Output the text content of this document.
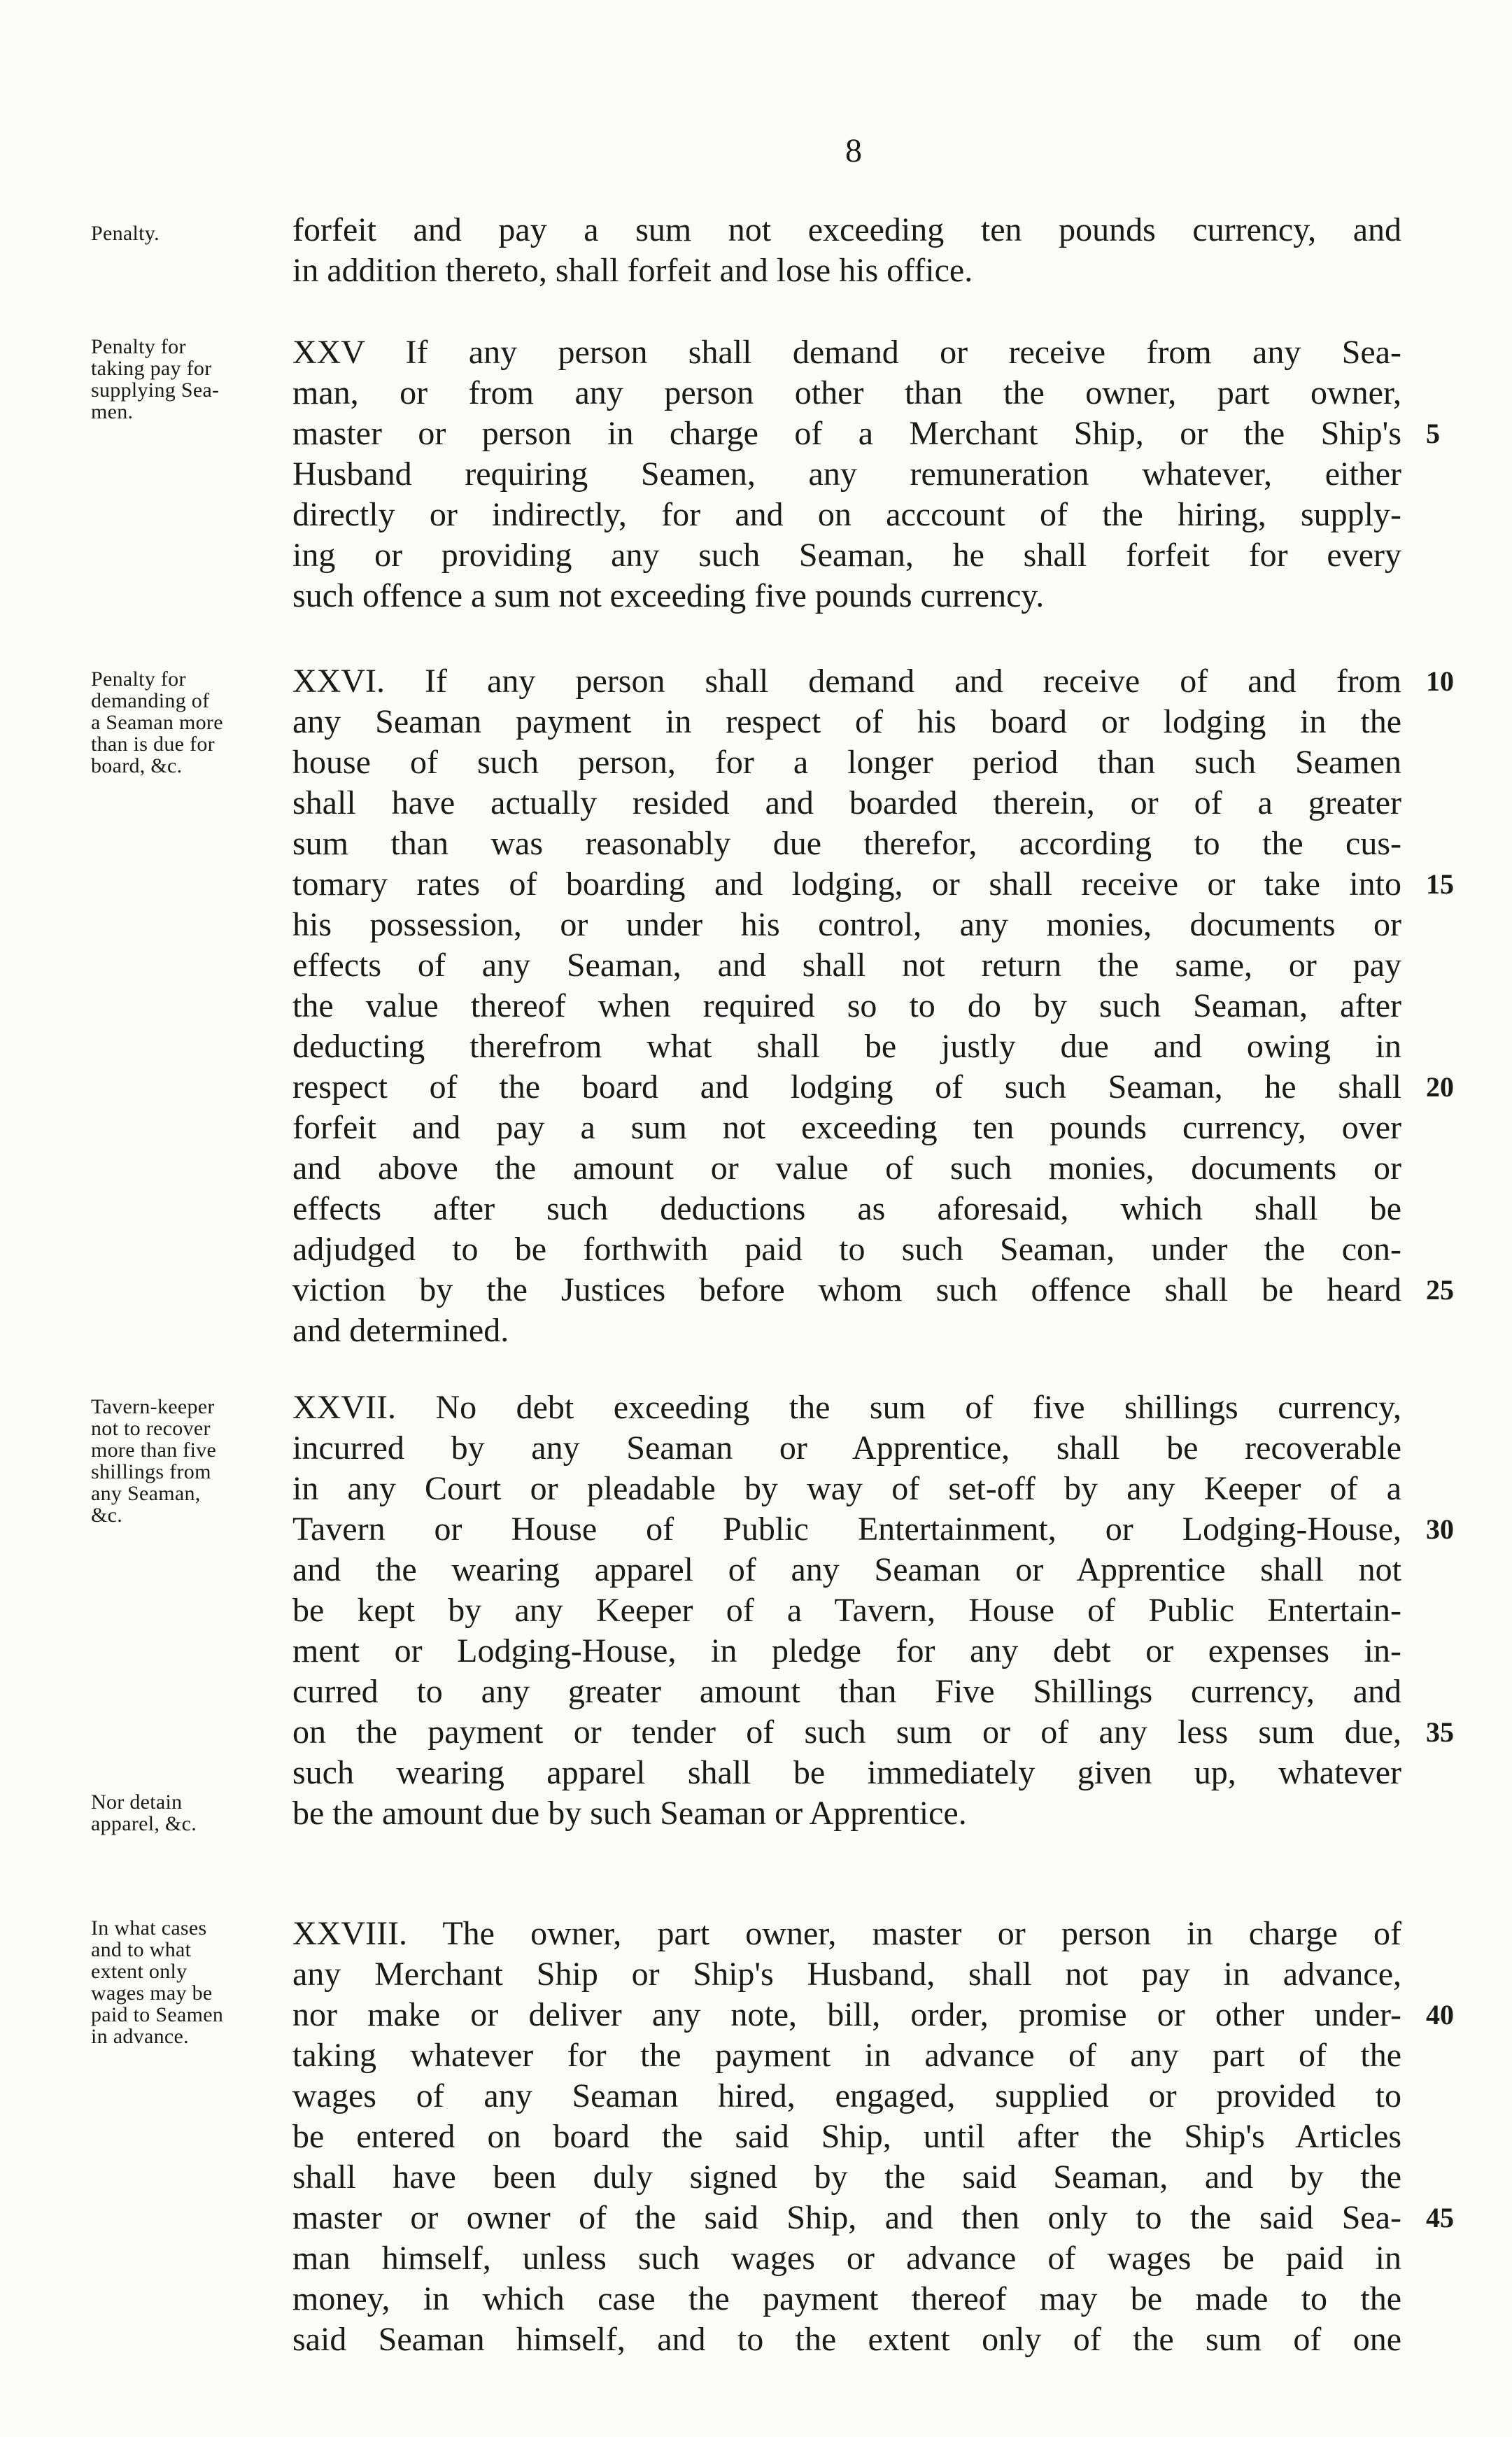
8
Penalty.	forfeit and pay a sum not exceeding ten pounds currency, and
in addition thereto, shall forfeit and lose his office.
Penalty for
taking pay for
supplying Sea-
men.
XXV If any person shall demand or receive from any Sea-
man, or from any person other than the owner, part owner,
master or person in charge of a Merchant Ship, or the Ship's
Husband requiring Seamen, any remuneration whatever, either
directly or indirectly, for and on acccount of the hiring, supply-
ing or providing any such Seaman, he shall forfeit for every
such offence a sum not exceeding five pounds currency.
Penalty for
demanding of
a Seaman more
than is due for
board, &c.
XXVI. If any person shall demand and receive of and from
any Seaman payment in respect of his board or lodging in the
house of such person, for a longer period than such Seamen
shall have actually resided and boarded therein, or of a greater
sum than was reasonably due therefor, according to the cus-
tomary rates of boarding and lodging, or shall receive or take into
his possession, or under his control, any monies, documents or
effects of any Seaman, and shall not return the same, or pay
the value thereof when required so to do by such Seaman, after
deducting therefrom what shall be justly due and owing in
respect of the board and lodging of such Seaman, he shall
forfeit and pay a sum not exceeding ten pounds currency, over
and above the amount or value of such monies, documents or
effects after such deductions as aforesaid, which shall be
adjudged to be forthwith paid to such Seaman, under the con-
viction by the Justices before whom such offence shall be heard
and determined.
Tavern-keeper
not to recover
more than five
shillings from
any Seaman,
&c.
XXVII. No debt exceeding the sum of five shillings currency,
incurred by any Seaman or Apprentice, shall be recoverable
in any Court or pleadable by way of set-off by any Keeper of a
Tavern or House of Public Entertainment, or Lodging-House,
and the wearing apparel of any Seaman or Apprentice shall not
be kept by any Keeper of a Tavern, House of Public Entertain-
ment or Lodging-House, in pledge for any debt or expenses in-
curred to any greater amount than Five Shillings currency, and
on the payment or tender of such sum or of any less sum due,
such wearing apparel shall be immediately given up, whatever
be the amount due by such Seaman or Apprentice.
Nor detain
apparel, &c.
In what cases
and to what
extent only
wages may be
paid to Seamen
in advance.
XXVIII. The owner, part owner, master or person in charge of
any Merchant Ship or Ship's Husband, shall not pay in advance,
nor make or deliver any note, bill, order, promise or other under-
taking whatever for the payment in advance of any part of the
wages of any Seaman hired, engaged, supplied or provided to
be entered on board the said Ship, until after the Ship's Articles
shall have been duly signed by the said Seaman, and by the
master or owner of the said Ship, and then only to the said Sea-
man himself, unless such wages or advance of wages be paid in
money, in which case the payment thereof may be made to the
said Seaman himself, and to the extent only of the sum of one
5
10
15
20
25
30
35
40
45
